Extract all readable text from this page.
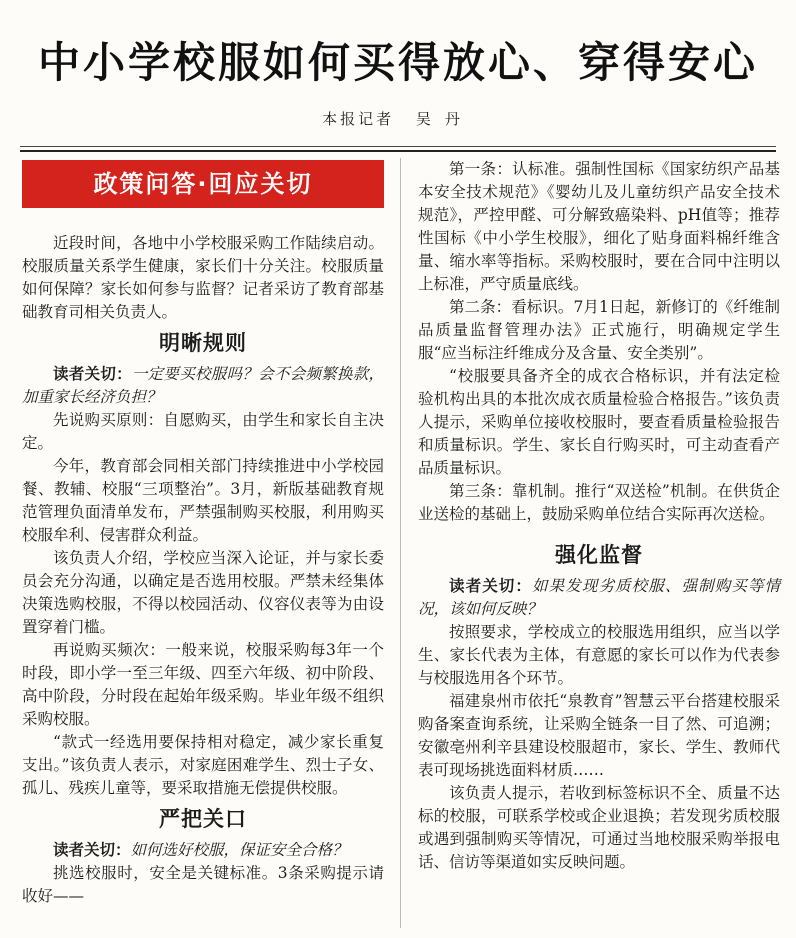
中小学校服如何买得放心、穿得安心
本报记者 吴丹
政策问答·回应关切

近段时间，各地中小学校服采购工作陆续启动。校服质量关系学生健康，家长们十分关注。校服质量如何保障？家长如何参与监督？记者采访了教育部基础教育司相关负责人。

明晰规则

读者关切：一定要买校服吗？会不会频繁换款，加重家长经济负担？

先说购买原则：自愿购买，由学生和家长自主决定。

今年，教育部会同相关部门持续推进中小学校园餐、教辅、校服“三项整治”。3月，新版基础教育规范管理负面清单发布，严禁强制购买校服，利用购买校服牟利、侵害群众利益。

该负责人介绍，学校应当深入论证，并与家长委员会充分沟通，以确定是否选用校服。严禁未经集体决策选购校服，不得以校园活动、仪容仪表等为由设置穿着门槛。

再说购买频次：一般来说，校服采购每3年一个时段，即小学一至三年级、四至六年级、初中阶段、高中阶段，分时段在起始年级采购。毕业年级不组织采购校服。

“款式一经选用要保持相对稳定，减少家长重复支出。”该负责人表示，对家庭困难学生、烈士子女、孤儿、残疾儿童等，要采取措施无偿提供校服。

严把关口

读者关切：如何选好校服，保证安全合格？

挑选校服时，安全是关键标准。3条采购提示请收好——

第一条：认标准。强制性国标《国家纺织产品基本安全技术规范》《婴幼儿及儿童纺织产品安全技术规范》，严控甲醛、可分解致癌染料、pH值等；推荐性国标《中小学生校服》，细化了贴身面料棉纤维含量、缩水率等指标。采购校服时，要在合同中注明以上标准，严守质量底线。

第二条：看标识。7月1日起，新修订的《纤维制品质量监督管理办法》正式施行，明确规定学生服“应当标注纤维成分及含量、安全类别”。

“校服要具备齐全的成衣合格标识，并有法定检验机构出具的本批次成衣质量检验合格报告。”该负责人提示，采购单位接收校服时，要查看质量检验报告和质量标识。学生、家长自行购买时，可主动查看产品质量标识。

第三条：靠机制。推行“双送检”机制。在供货企业送检的基础上，鼓励采购单位结合实际再次送检。

强化监督

读者关切：如果发现劣质校服、强制购买等情况，该如何反映？

按照要求，学校成立的校服选用组织，应当以学生、家长代表为主体，有意愿的家长可以作为代表参与校服选用各个环节。

福建泉州市依托“泉教育”智慧云平台搭建校服采购备案查询系统，让采购全链条一目了然、可追溯；安徽亳州利辛县建设校服超市，家长、学生、教师代表可现场挑选面料材质……

该负责人提示，若收到标签标识不全、质量不达标的校服，可联系学校或企业退换；若发现劣质校服或遇到强制购买等情况，可通过当地校服采购举报电话、信访等渠道如实反映问题。
